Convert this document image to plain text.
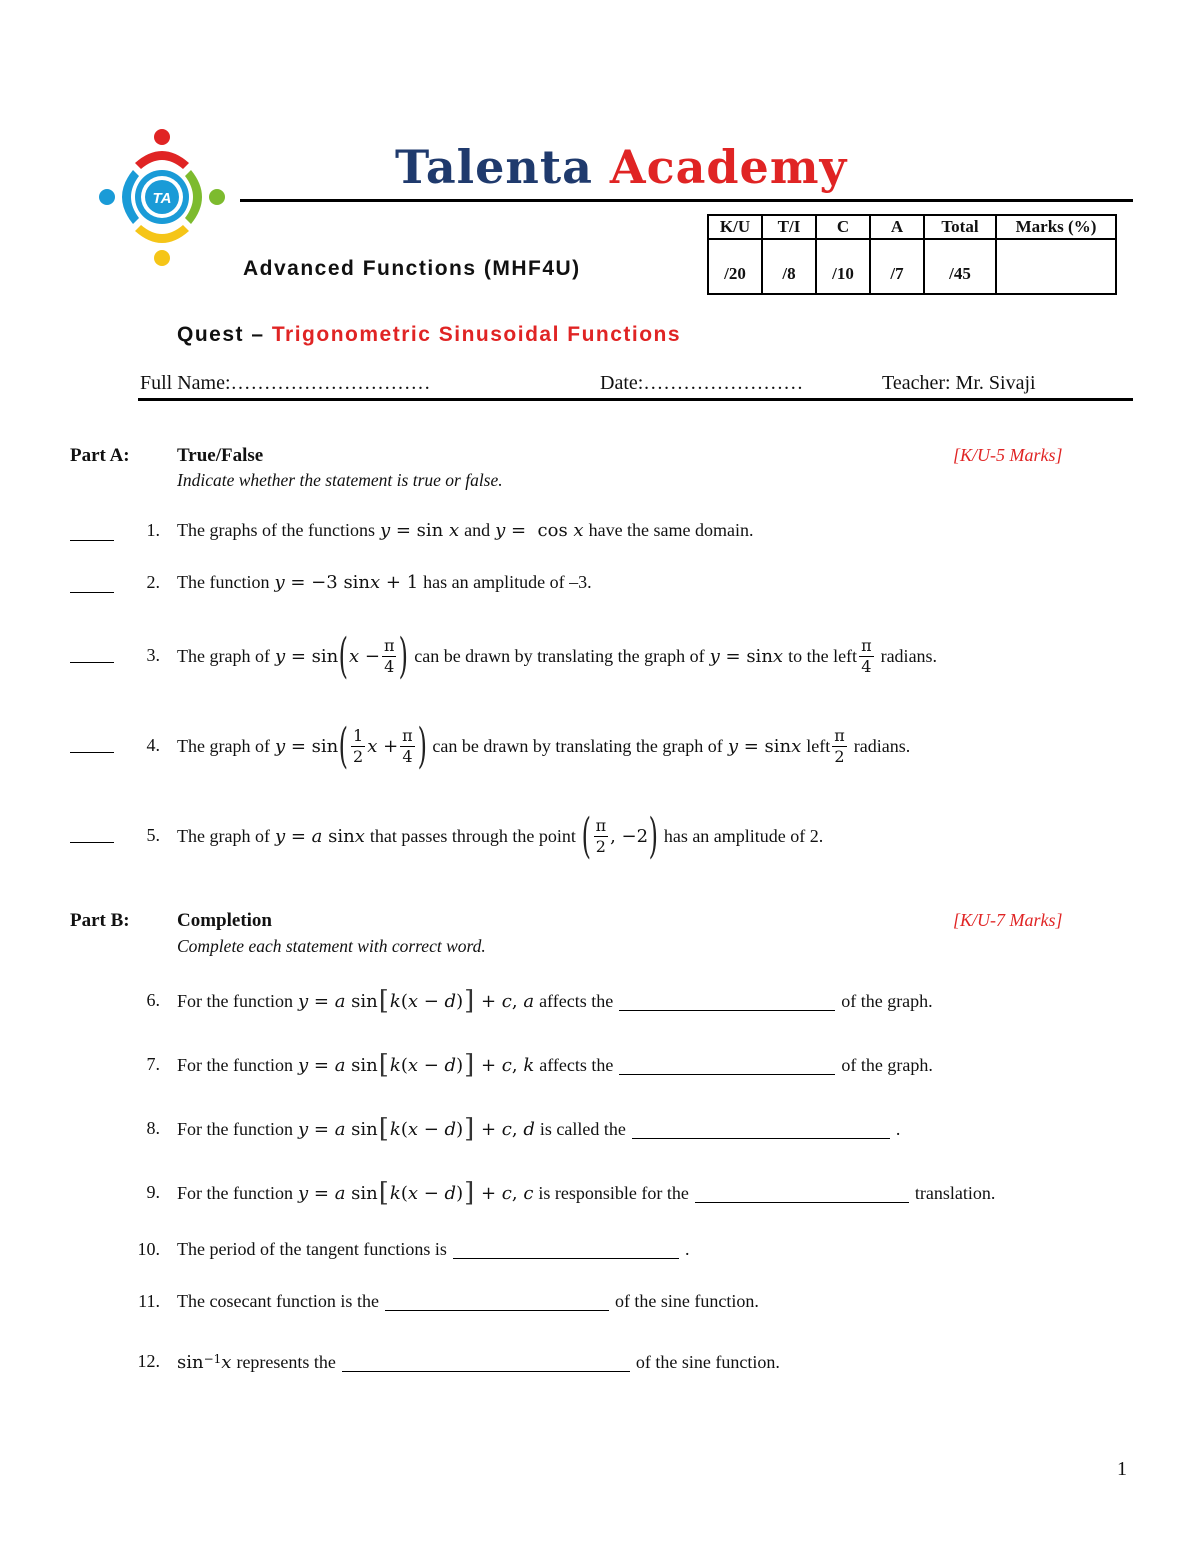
TA
Talenta Academy
Advanced Functions (MHF4U)
K/U	T/I	C	A	Total	Marks (%)
/20	/8	/10	/7	/45	
Quest – Trigonometric Sinusoidal Functions
Full Name:…………………………	Date:……………………	Teacher: Mr. Sivaji
Part A: True/False	[K/U-5 Marks]
Indicate whether the statement is true or false.
1. The graphs of the functions y = sin x and y =  cos x have the same domain.
2. The function y = −3 sin x + 1 has an amplitude of –3.
3. The graph of y = sin ( $x - \frac{\pi}{4}$ ) can be drawn by translating the graph of y = sin x to the left $\frac{\pi}{4}$ radians.
4. The graph of y = sin ( $\frac{1}{2}$ $x + \frac{\pi}{4}$ ) can be drawn by translating the graph of y = sin x left $\frac{\pi}{2}$ radians.
5. The graph of y = a sin x that passes through the point ( $\frac{\pi}{2}$ , −2 ) has an amplitude of 2.
Part B: Completion	[K/U-7 Marks]
Complete each statement with correct word.
6. For the function y = a sin [ k ( x − d ) ] + c , a affects the	of the graph.
7. For the function y = a sin [ k ( x − d ) ] + c , k affects the	of the graph.
8. For the function y = a sin [ k ( x − d ) ] + c , d is called the	.
9. For the function y = a sin [ k ( x − d ) ] + c , c is responsible for the	translation.
10. The period of the tangent functions is	.
11. The cosecant function is the	of the sine function.
12. $\sin^{-1} x$ represents the	of the sine function.
1
